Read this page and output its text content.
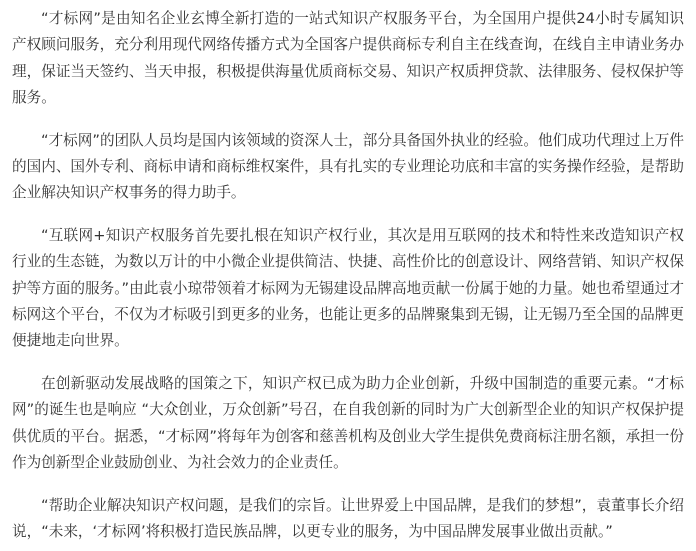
“才标网”是由知名企业玄博全新打造的一站式知识产权服务平台，为全国用户提供24小时专属知识产权顾问服务，充分利用现代网络传播方式为全国客户提供商标专利自主在线查询，在线自主申请业务办理，保证当天签约、当天申报，积极提供海量优质商标交易、知识产权质押贷款、法律服务、侵权保护等服务。

“才标网”的团队人员均是国内该领域的资深人士，部分具备国外执业的经验。他们成功代理过上万件的国内、国外专利、商标申请和商标维权案件，具有扎实的专业理论功底和丰富的实务操作经验，是帮助企业解决知识产权事务的得力助手。

“互联网+知识产权服务首先要扎根在知识产权行业，其次是用互联网的技术和特性来改造知识产权行业的生态链，为数以万计的中小微企业提供简洁、快捷、高性价比的创意设计、网络营销、知识产权保护等方面的服务。”由此袁小琼带领着才标网为无锡建设品牌高地贡献一份属于她的力量。她也希望通过才标网这个平台，不仅为才标吸引到更多的业务，也能让更多的品牌聚集到无锡，让无锡乃至全国的品牌更便捷地走向世界。

在创新驱动发展战略的国策之下，知识产权已成为助力企业创新，升级中国制造的重要元素。“才标网”的诞生也是响应 “大众创业，万众创新”号召，在自我创新的同时为广大创新型企业的知识产权保护提供优质的平台。据悉，“才标网”将每年为创客和慈善机构及创业大学生提供免费商标注册名额，承担一份作为创新型企业鼓励创业、为社会效力的企业责任。

“帮助企业解决知识产权问题，是我们的宗旨。让世界爱上中国品牌，是我们的梦想”，袁董事长介绍说，“未来，‘才标网’将积极打造民族品牌，以更专业的服务，为中国品牌发展事业做出贡献。”
